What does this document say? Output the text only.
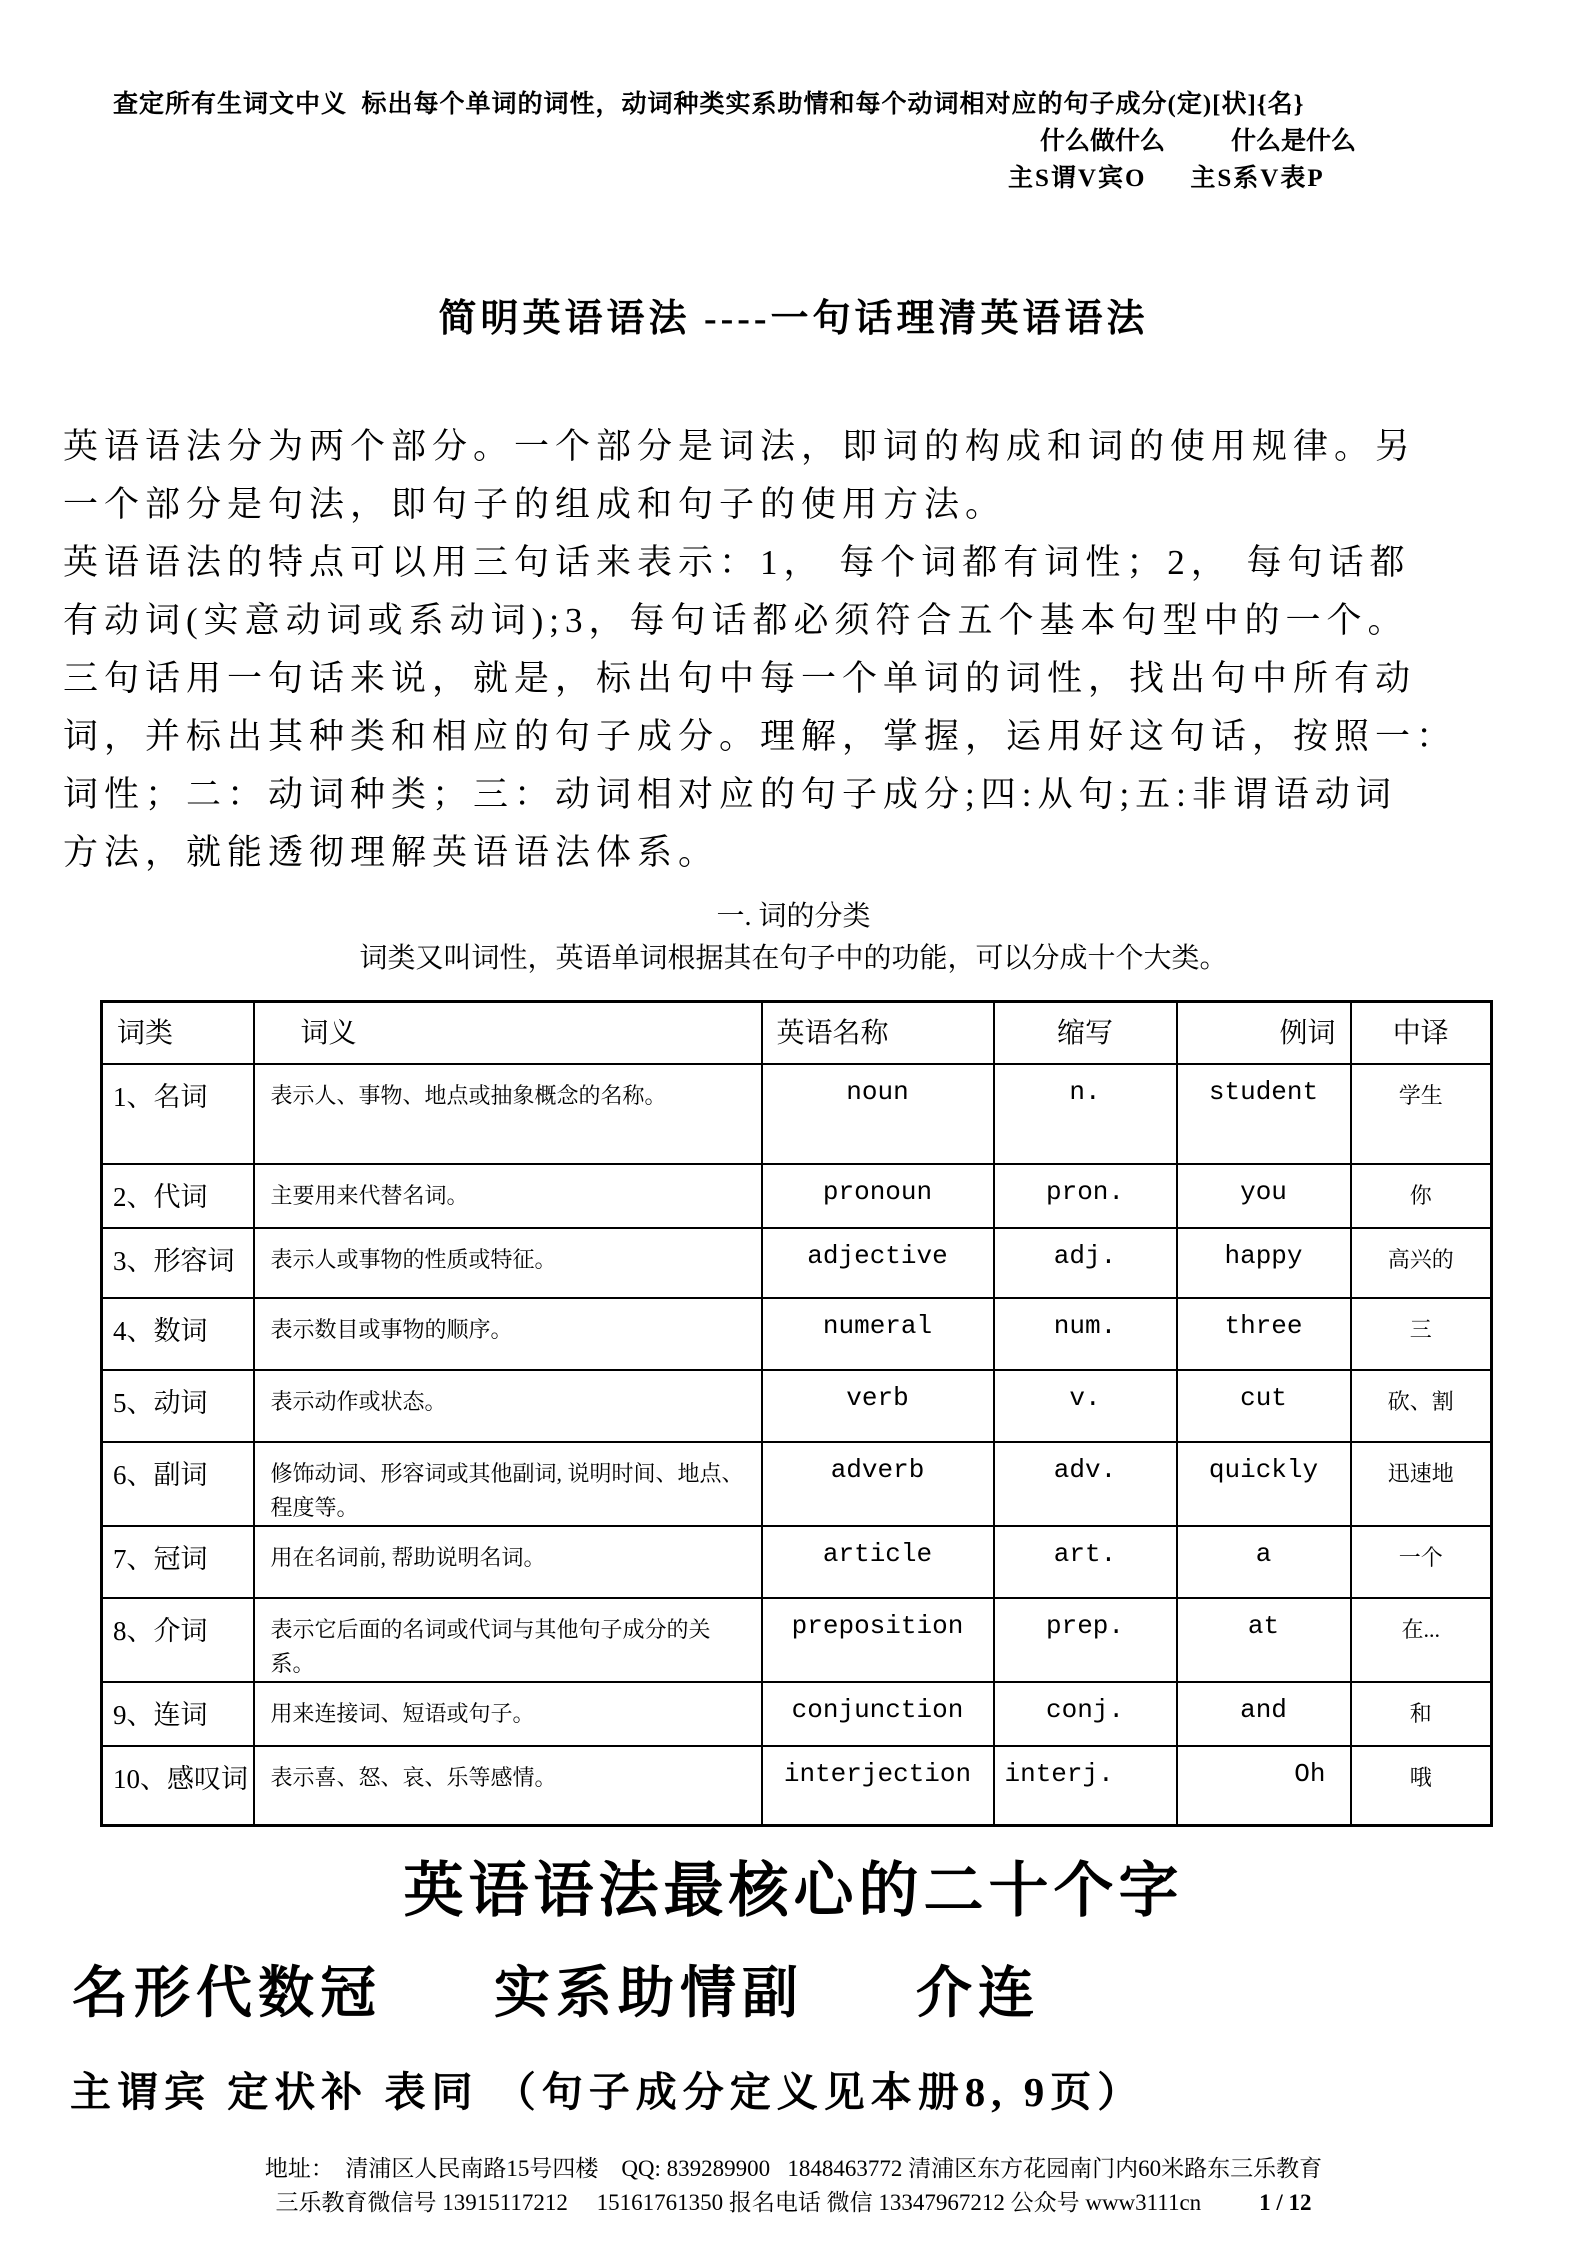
查定所有生词文中义  标出每个单词的词性，动词种类实系助情和每个动词相对应的句子成分(定)[状]{名}
什么做什么	什么是什么
主S谓V宾O 主S系V表P
简明英语语法 ----一句话理清英语语法
英语语法分为两个部分。一个部分是词法，即词的构成和词的使用规律。另
一个部分是句法，即句子的组成和句子的使用方法。
英语语法的特点可以用三句话来表示：1， 每个词都有词性；2， 每句话都
有动词(实意动词或系动词);3，每句话都必须符合五个基本句型中的一个。
三句话用一句话来说，就是，标出句中每一个单词的词性，找出句中所有动
词，并标出其种类和相应的句子成分。理解，掌握，运用好这句话，按照一：
词性；二：动词种类；三：动词相对应的句子成分;四:从句;五:非谓语动词
方法，就能透彻理解英语语法体系。
一. 词的分类
词类又叫词性，英语单词根据其在句子中的功能，可以分成十个大类。
词类	词义	英语名称	缩写	例词	中译
1、名词	表示人、事物、地点或抽象概念的名称。	noun	n.	student	学生
2、代词	主要用来代替名词。	pronoun	pron.	you	你
3、形容词	表示人或事物的性质或特征。	adjective	adj.	happy	高兴的
4、数词	表示数目或事物的顺序。	numeral	num.	three	三
5、动词	表示动作或状态。	verb	v.	cut	砍、割
6、副词	修饰动词、形容词或其他副词, 说明时间、地点、程度等。	adverb	adv.	quickly	迅速地
7、冠词	用在名词前, 帮助说明名词。	article	art.	a	一个
8、介词	表示它后面的名词或代词与其他句子成分的关系。	preposition	prep.	at	在...
9、连词	用来连接词、短语或句子。	conjunction	conj.	and	和
10、感叹词	表示喜、怒、哀、乐等感情。	interjection	interj.	Oh	哦
英语语法最核心的二十个字
名形代数冠 实系助情副 介连
主谓宾 定状补 表同 （句子成分定义见本册8, 9页）
地址：  清浦区人民南路15号四楼    QQ: 839289900   1848463772 清浦区东方花园南门内60米路东三乐教育
三乐教育微信号 13915117212     15161761350 报名电话 微信 13347967212 公众号 www3111cn	1 / 12
